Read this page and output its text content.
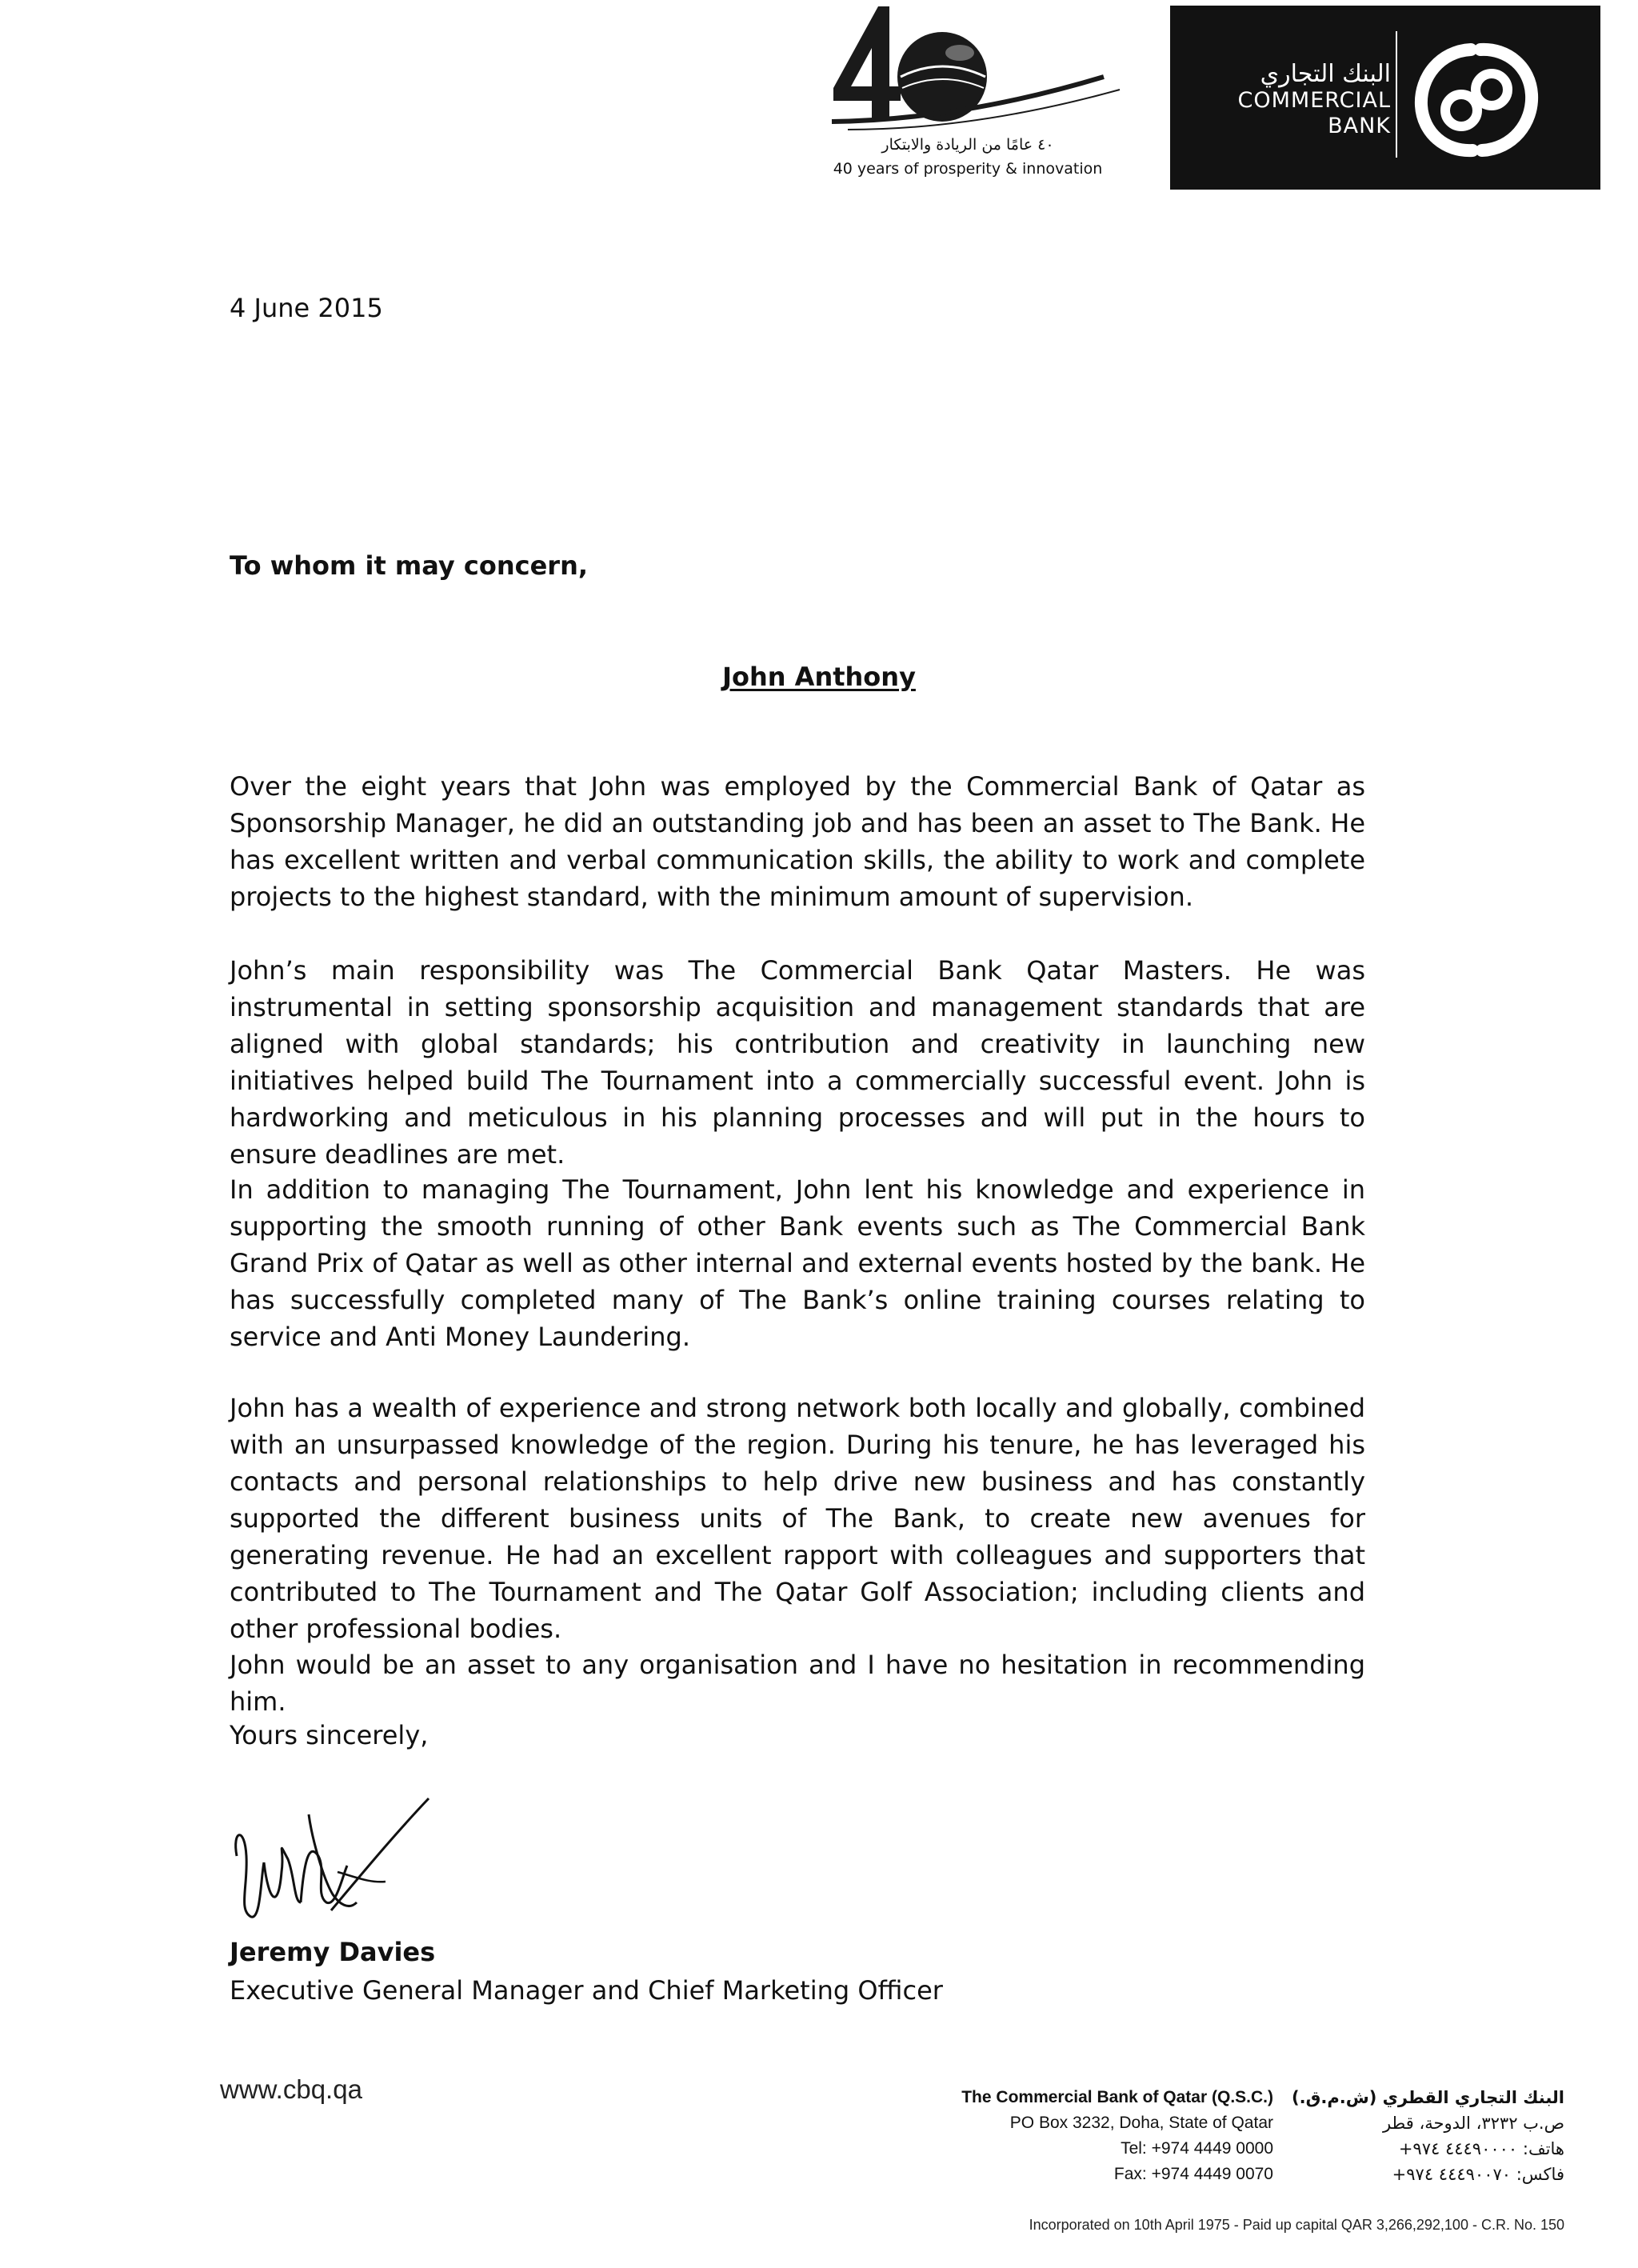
٤٠ عامًا من الريادة والابتكار
40 years of prosperity & innovation
البنك التجاري
COMMERCIAL
BANK
4 June 2015
To whom it may concern,
John Anthony

Over the eight years that John was employed by the Commercial Bank of Qatar as Sponsorship Manager, he did an outstanding job and has been an asset to The Bank. He has excellent written and verbal communication skills, the ability to work and complete projects to the highest standard, with the minimum amount of supervision.

John’s main responsibility was The Commercial Bank Qatar Masters. He was instrumental in setting sponsorship acquisition and management standards that are aligned with global standards; his contribution and creativity in launching new initiatives helped build The Tournament into a commercially successful event. John is hardworking and meticulous in his planning processes and will put in the hours to ensure deadlines are met.

In addition to managing The Tournament, John lent his knowledge and experience in supporting the smooth running of other Bank events such as The Commercial Bank Grand Prix of Qatar as well as other internal and external events hosted by the bank. He has successfully completed many of The Bank’s online training courses relating to service and Anti Money Laundering.

John has a wealth of experience and strong network both locally and globally, combined with an unsurpassed knowledge of the region. During his tenure, he has leveraged his contacts and personal relationships to help drive new business and has constantly supported the different business units of The Bank, to create new avenues for generating revenue. He had an excellent rapport with colleagues and supporters that contributed to The Tournament and The Qatar Golf Association; including clients and other professional bodies.

John would be an asset to any organisation and I have no hesitation in recommending him.

Yours sincerely,
Jeremy Davies
Executive General Manager and Chief Marketing Officer
www.cbq.qa	The Commercial Bank of Qatar (Q.S.C.)
PO Box 3232, Doha, State of Qatar
Tel: +974 4449 0000
Fax: +974 4449 0070
البنك التجاري القطري (ش.م.ق.)
ص.ب ٣٢٣٢، الدوحة، قطر
هاتف: ٤٤٤٩٠٠٠٠ ٩٧٤+
فاكس: ٤٤٤٩٠٠٧٠ ٩٧٤+
Incorporated on 10th April 1975 - Paid up capital QAR 3,266,292,100 - C.R. No. 150
